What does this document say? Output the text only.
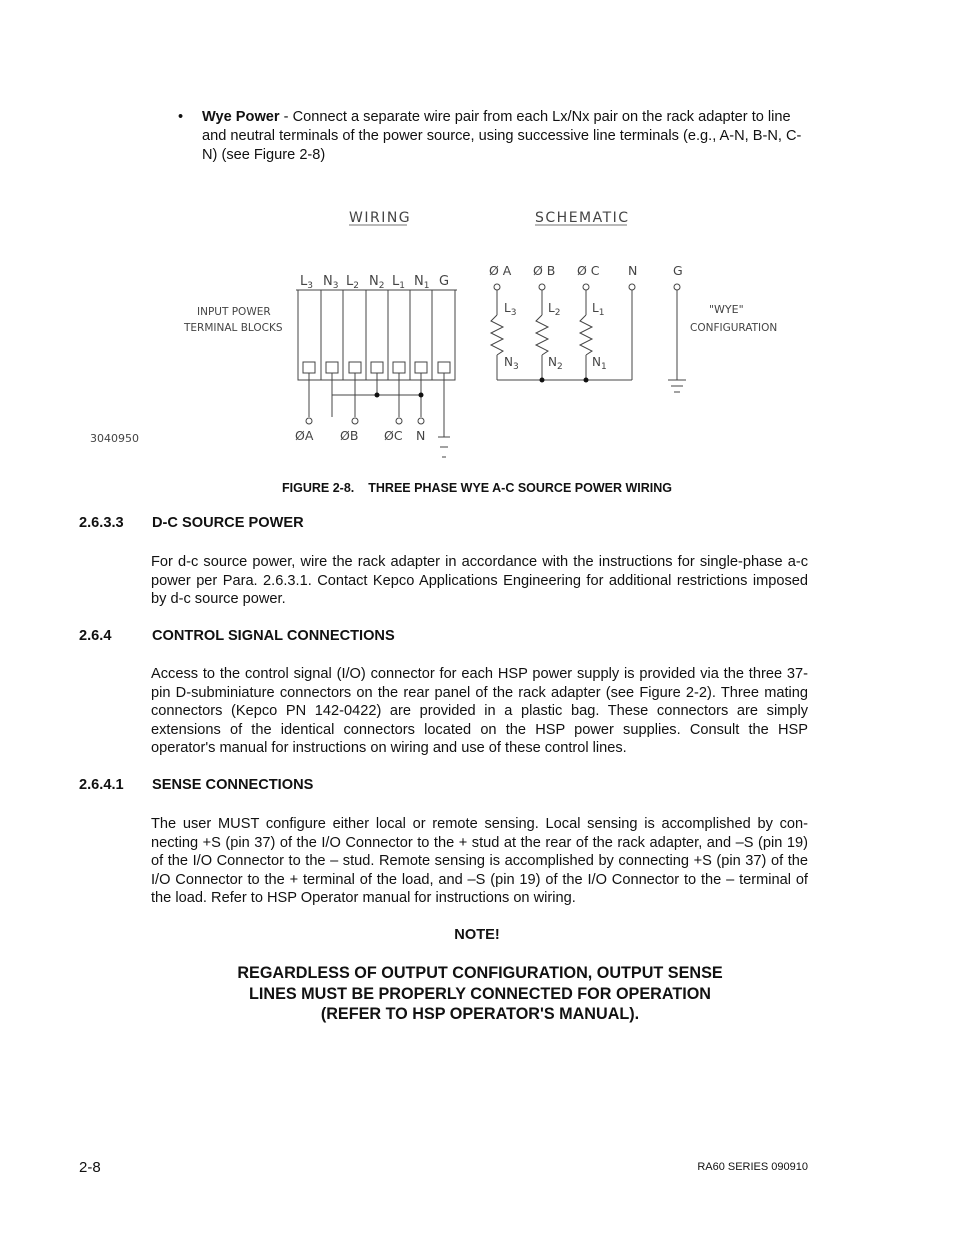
• Wye Power - Connect a separate wire pair from each Lx/Nx pair on the rack adapter to line and neutral terminals of the power source, using successive line terminals (e.g., A-N, B-N, C-N) (see Figure 2-8)
WIRING	SCHEMATIC
$L_3$ $N_3$ $L_2$ $N_2$ $L_1$ $N_1$ G
INPUT POWER
TERMINAL BLOCKS
ØA ØB ØC N
Ø A Ø B Ø C N	G
$L_3$
$N_3$
$L_2$
$N_2$
$L_1$
$N_1$
"WYE"
CONFIGURATION
3040950
FIGURE 2-8. THREE PHASE WYE A-C SOURCE POWER WIRING
2.6.3.3 D-C SOURCE POWER
For d-c source power, wire the rack adapter in accordance with the instructions for single-phase a-c power per Para. 2.6.3.1. Contact Kepco Applications Engineering for additional restrictions imposed by d-c source power.
2.6.4	CONTROL SIGNAL CONNECTIONS
Access to the control signal (I/O) connector for each HSP power supply is provided via the three 37-pin D-subminiature connectors on the rear panel of the rack adapter (see Figure 2-2). Three mating connectors (Kepco PN 142-0422) are provided in a plastic bag. These connectors are simply extensions of the identical connectors located on the HSP power supplies. Consult the HSP operator's manual for instructions on wiring and use of these control lines.
2.6.4.1 SENSE CONNECTIONS
The user MUST configure either local or remote sensing. Local sensing is accomplished by con-necting +S (pin 37) of the I/O Connector to the + stud at the rear of the rack adapter, and –S (pin 19) of the I/O Connector to the – stud. Remote sensing is accomplished by connecting +S (pin 37) of the I/O Connector to the + terminal of the load, and –S (pin 19) of the I/O Connector to the – terminal of the load. Refer to HSP Operator manual for instructions on wiring.
NOTE!
REGARDLESS OF OUTPUT CONFIGURATION, OUTPUT SENSE
LINES MUST BE PROPERLY CONNECTED FOR OPERATION
(REFER TO HSP OPERATOR'S MANUAL).
2-8	RA60 SERIES 090910
